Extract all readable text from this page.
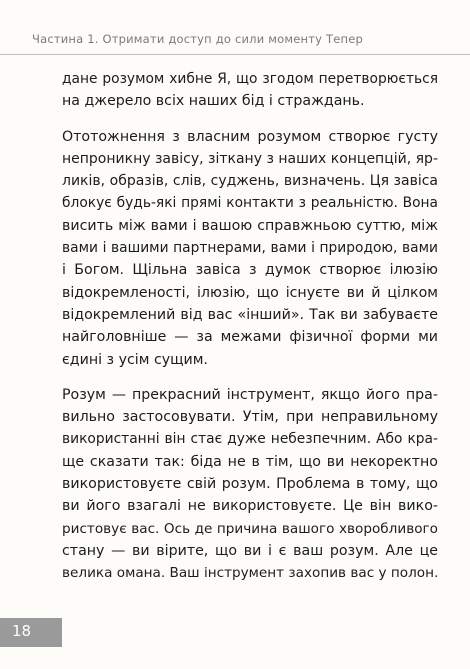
Частина 1. Отримати доступ до сили моменту Тепер

дане розумом хибне Я, що згодом перетворюється
на джерело всіх наших бід і страждань.

Ототожнення з власним розумом створює густу
непроникну завісу, зіткану з наших концепцій, яр-
ликів, образів, слів, суджень, визначень. Ця завіса
блокує будь-які прямі контакти з реальністю. Вона
висить між вами і вашою справжньою суттю, між
вами і вашими партнерами, вами і природою, вами
і Богом. Щільна завіса з думок створює ілюзію
відокремленості, ілюзію, що існуєте ви й цілком
відокремлений від вас «інший». Так ви забуваєте
найголовніше — за межами фізичної форми ми
єдині з усім сущим.

Розум — прекрасний інструмент, якщо його пра-
вильно застосовувати. Утім, при неправильному
використанні він стає дуже небезпечним. Або кра-
ще сказати так: біда не в тім, що ви некоректно
використовуєте свій розум. Проблема в тому, що
ви його взагалі не використовуєте. Це він вико-
ристовує вас. Ось де причина вашого хворобливого
стану — ви вірите, що ви і є ваш розум. Але це
велика омана. Ваш інструмент захопив вас у полон.

18
